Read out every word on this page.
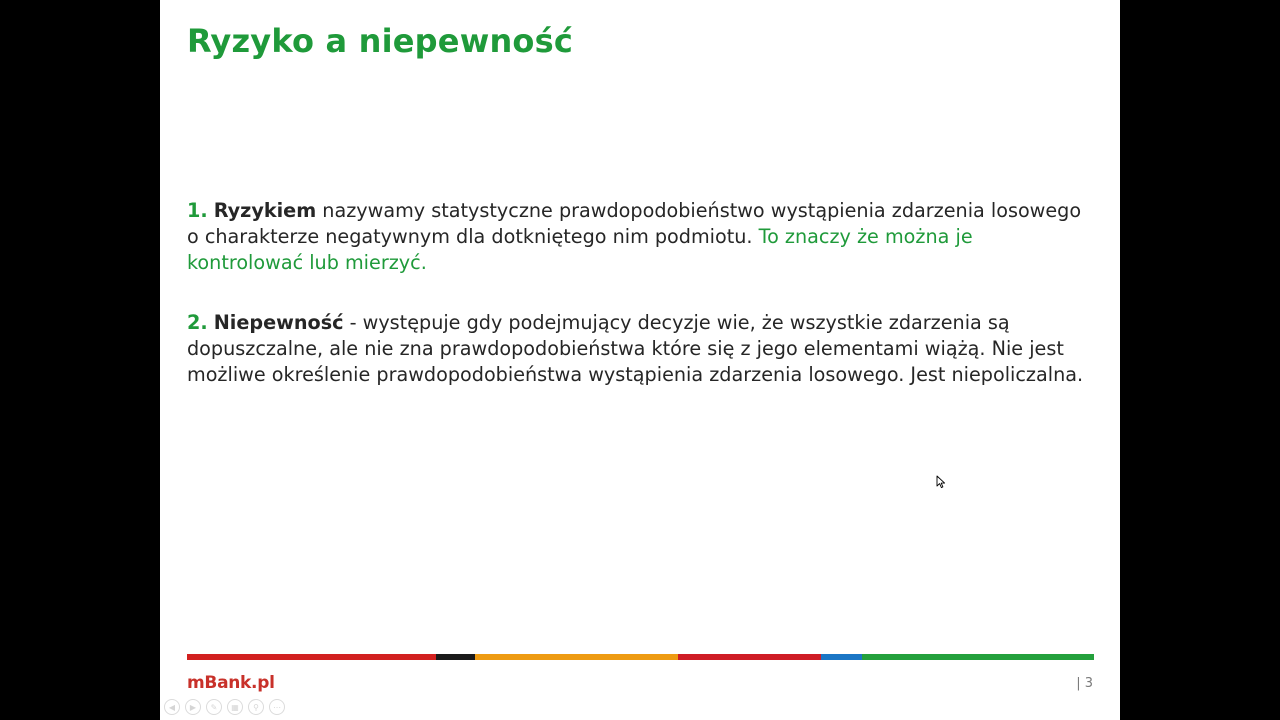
Ryzyko a niepewność

1. Ryzykiem nazywamy statystyczne prawdopodobieństwo wystąpienia zdarzenia losowego o charakterze negatywnym dla dotkniętego nim podmiotu. To znaczy że można je kontrolować lub mierzyć.

2. Niepewność - występuje gdy podejmujący decyzje wie, że wszystkie zdarzenia są dopuszczalne, ale nie zna prawdopodobieństwa które się z jego elementami wiążą. Nie jest możliwe określenie prawdopodobieństwa wystąpienia zdarzenia losowego. Jest niepoliczalna.

mBank.pl	| 3
◀	▶	✎	▦	⚲	⋯
